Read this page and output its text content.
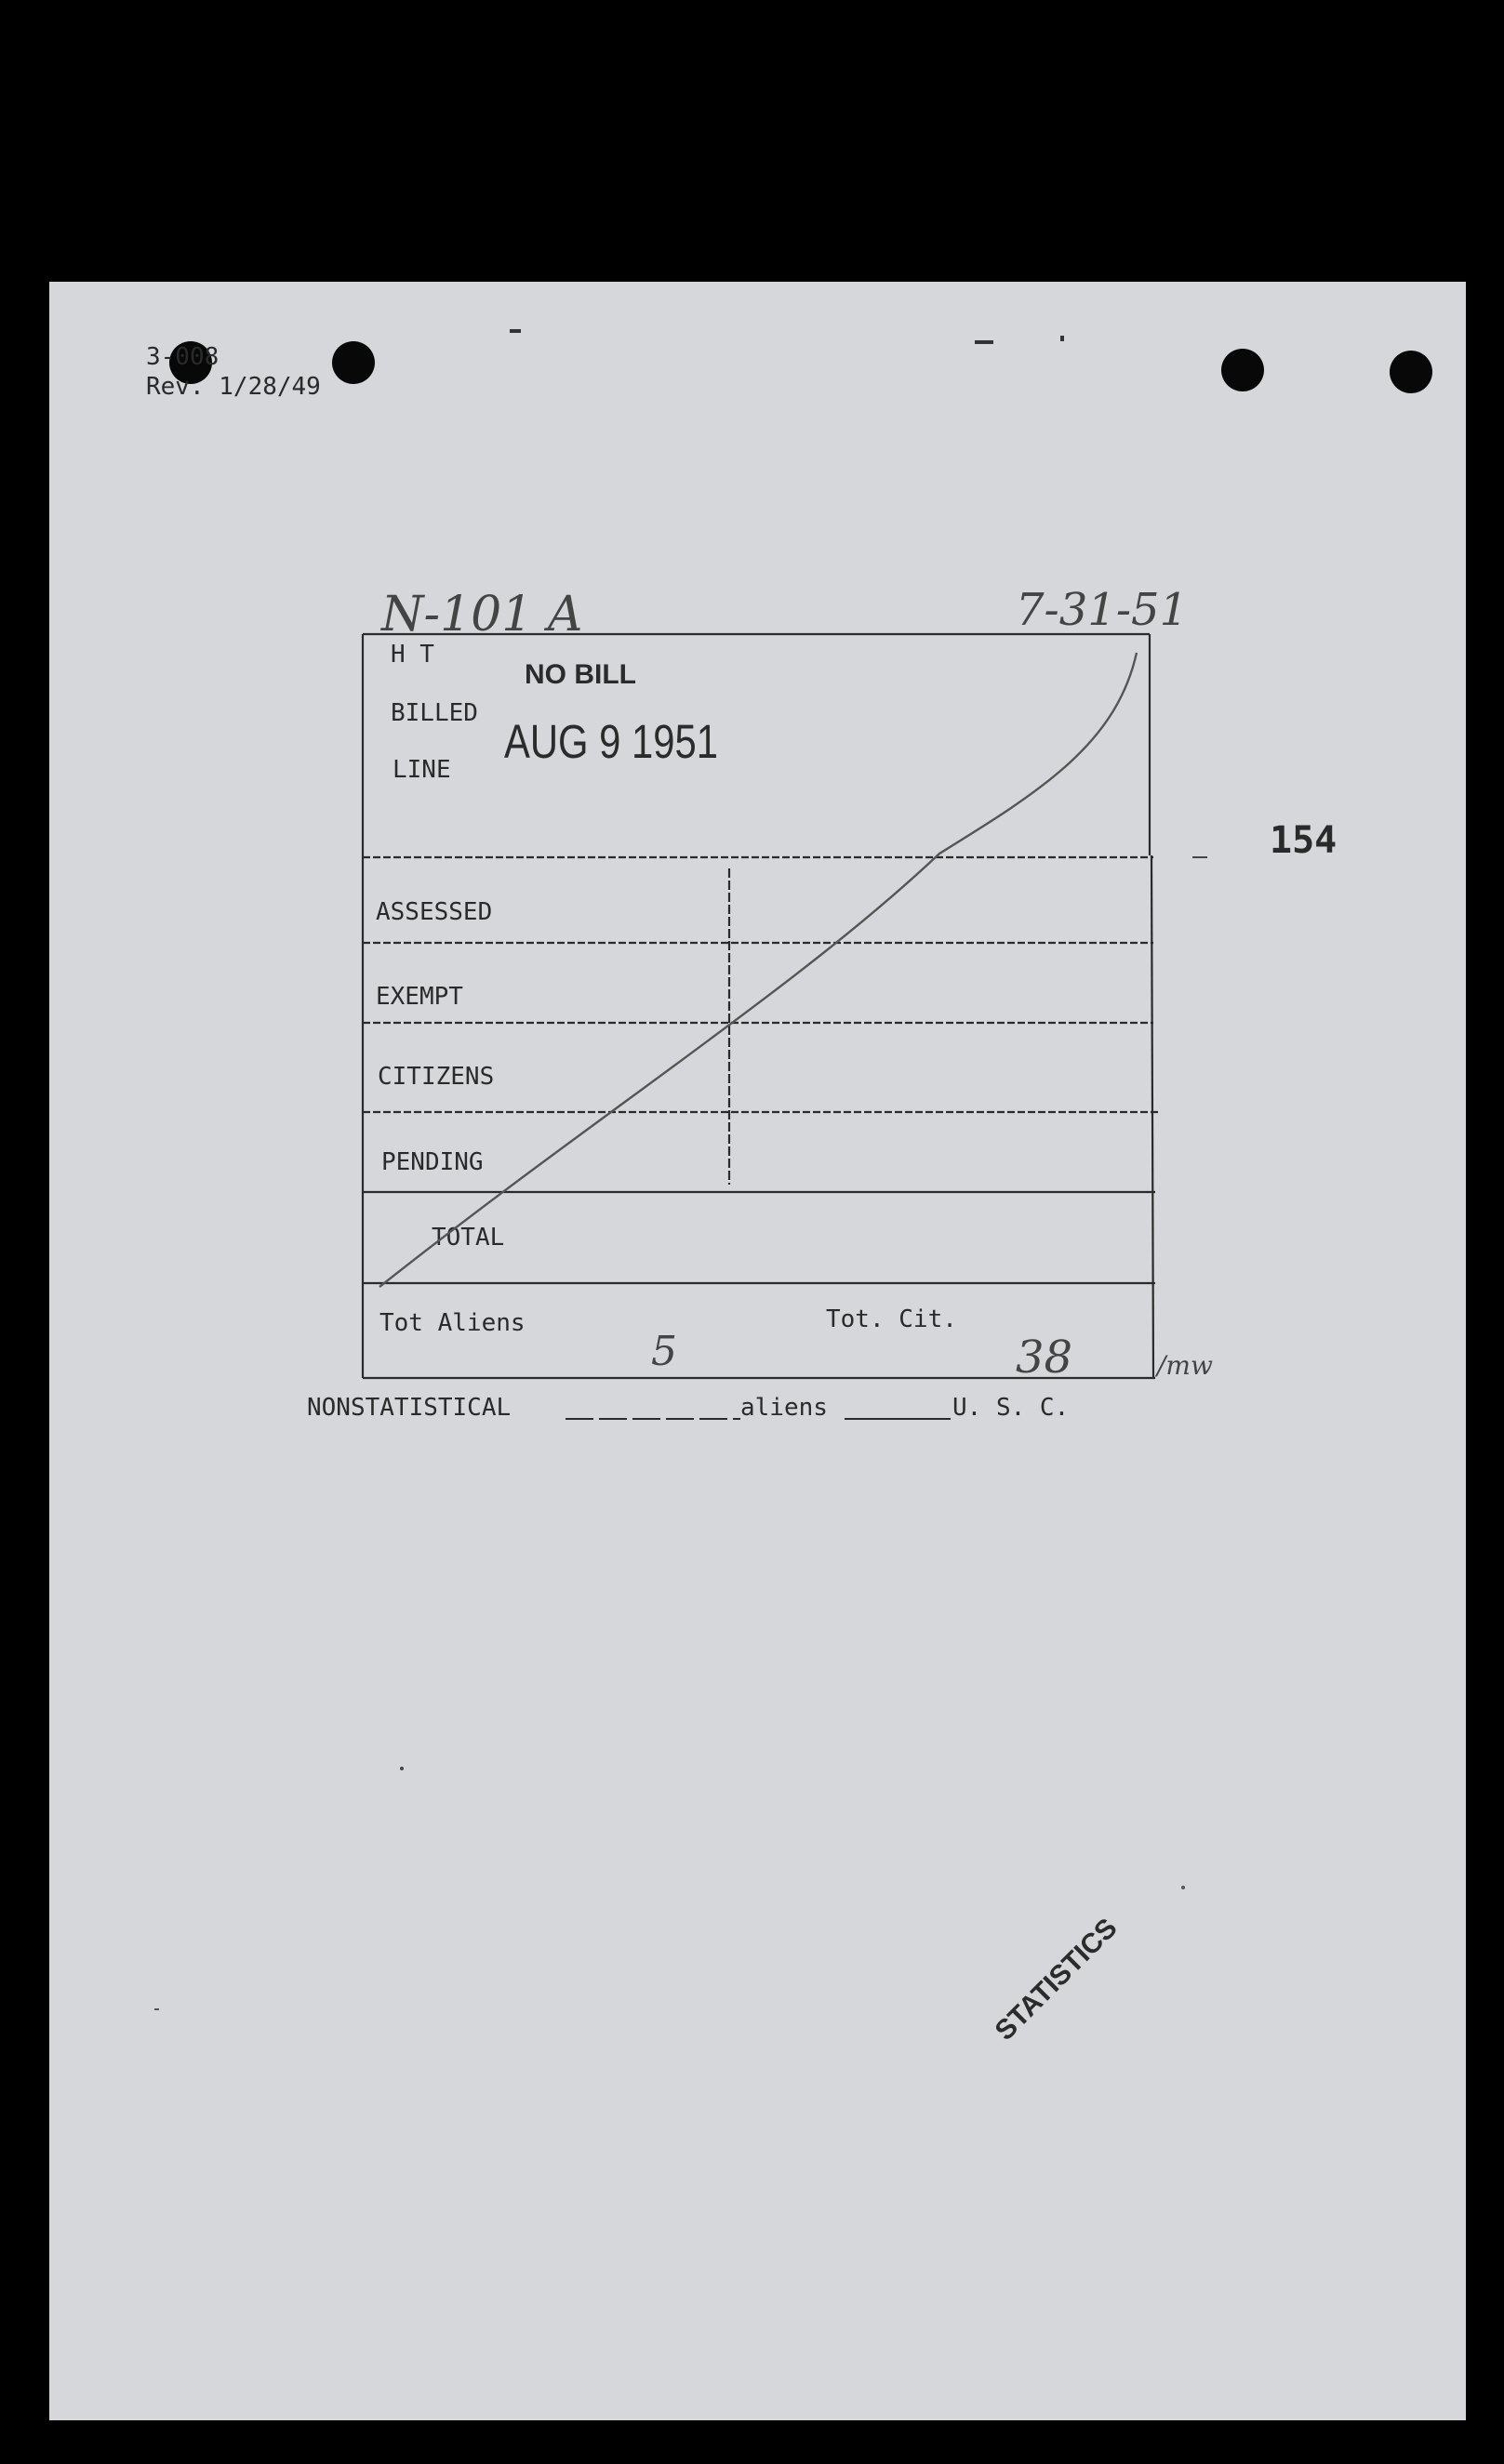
3-008
Rev. 1/28/49
N-101 A	7-31-51
154
H T
BILLED
LINE
NO BILL
AUG 9 1951
ASSESSED
EXEMPT
CITIZENS
PENDING
TOTAL
Tot Aliens	Tot. Cit.
5	38	/mw
NONSTATISTICAL	aliens	U. S. C.
STATISTICS
